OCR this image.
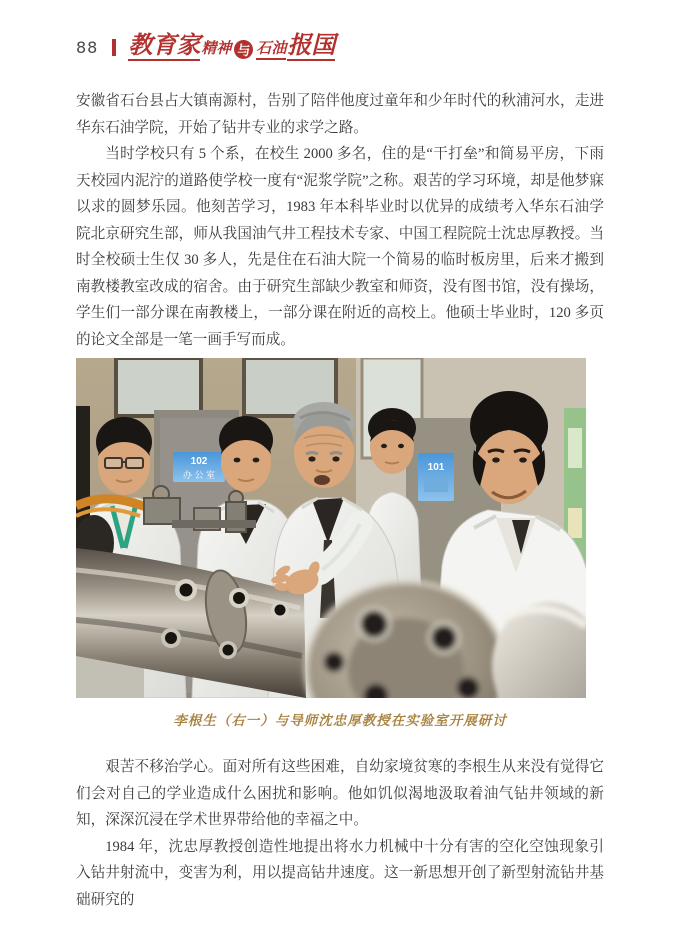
88 教育家 精神 与 石油 报国

安徽省石台县占大镇南源村，告别了陪伴他度过童年和少年时代的秋浦河水，走进华东石油学院，开始了钻井专业的求学之路。

当时学校只有 5 个系，在校生 2000 多名，住的是“干打垒”和简易平房，下雨天校园内泥泞的道路使学校一度有“泥浆学院”之称。艰苦的学习环境，却是他梦寐以求的圆梦乐园。他刻苦学习，1983 年本科毕业时以优异的成绩考入华东石油学院北京研究生部，师从我国油气井工程技术专家、中国工程院院士沈忠厚教授。当时全校硕士生仅 30 多人，先是住在石油大院一个简易的临时板房里，后来才搬到南教楼教室改成的宿舍。由于研究生部缺少教室和师资，没有图书馆，没有操场，学生们一部分课在南教楼上，一部分课在附近的高校上。他硕士毕业时，120 多页的论文全部是一笔一画手写而成。

102
办 公 室
101
李根生（右一）与导师沈忠厚教授在实验室开展研讨

艰苦不移治学心。面对所有这些困难，自幼家境贫寒的李根生从来没有觉得它们会对自己的学业造成什么困扰和影响。他如饥似渴地汲取着油气钻井领域的新知，深深沉浸在学术世界带给他的幸福之中。

1984 年，沈忠厚教授创造性地提出将水力机械中十分有害的空化空蚀现象引入钻井射流中，变害为利，用以提高钻井速度。这一新思想开创了新型射流钻井基础研究的
